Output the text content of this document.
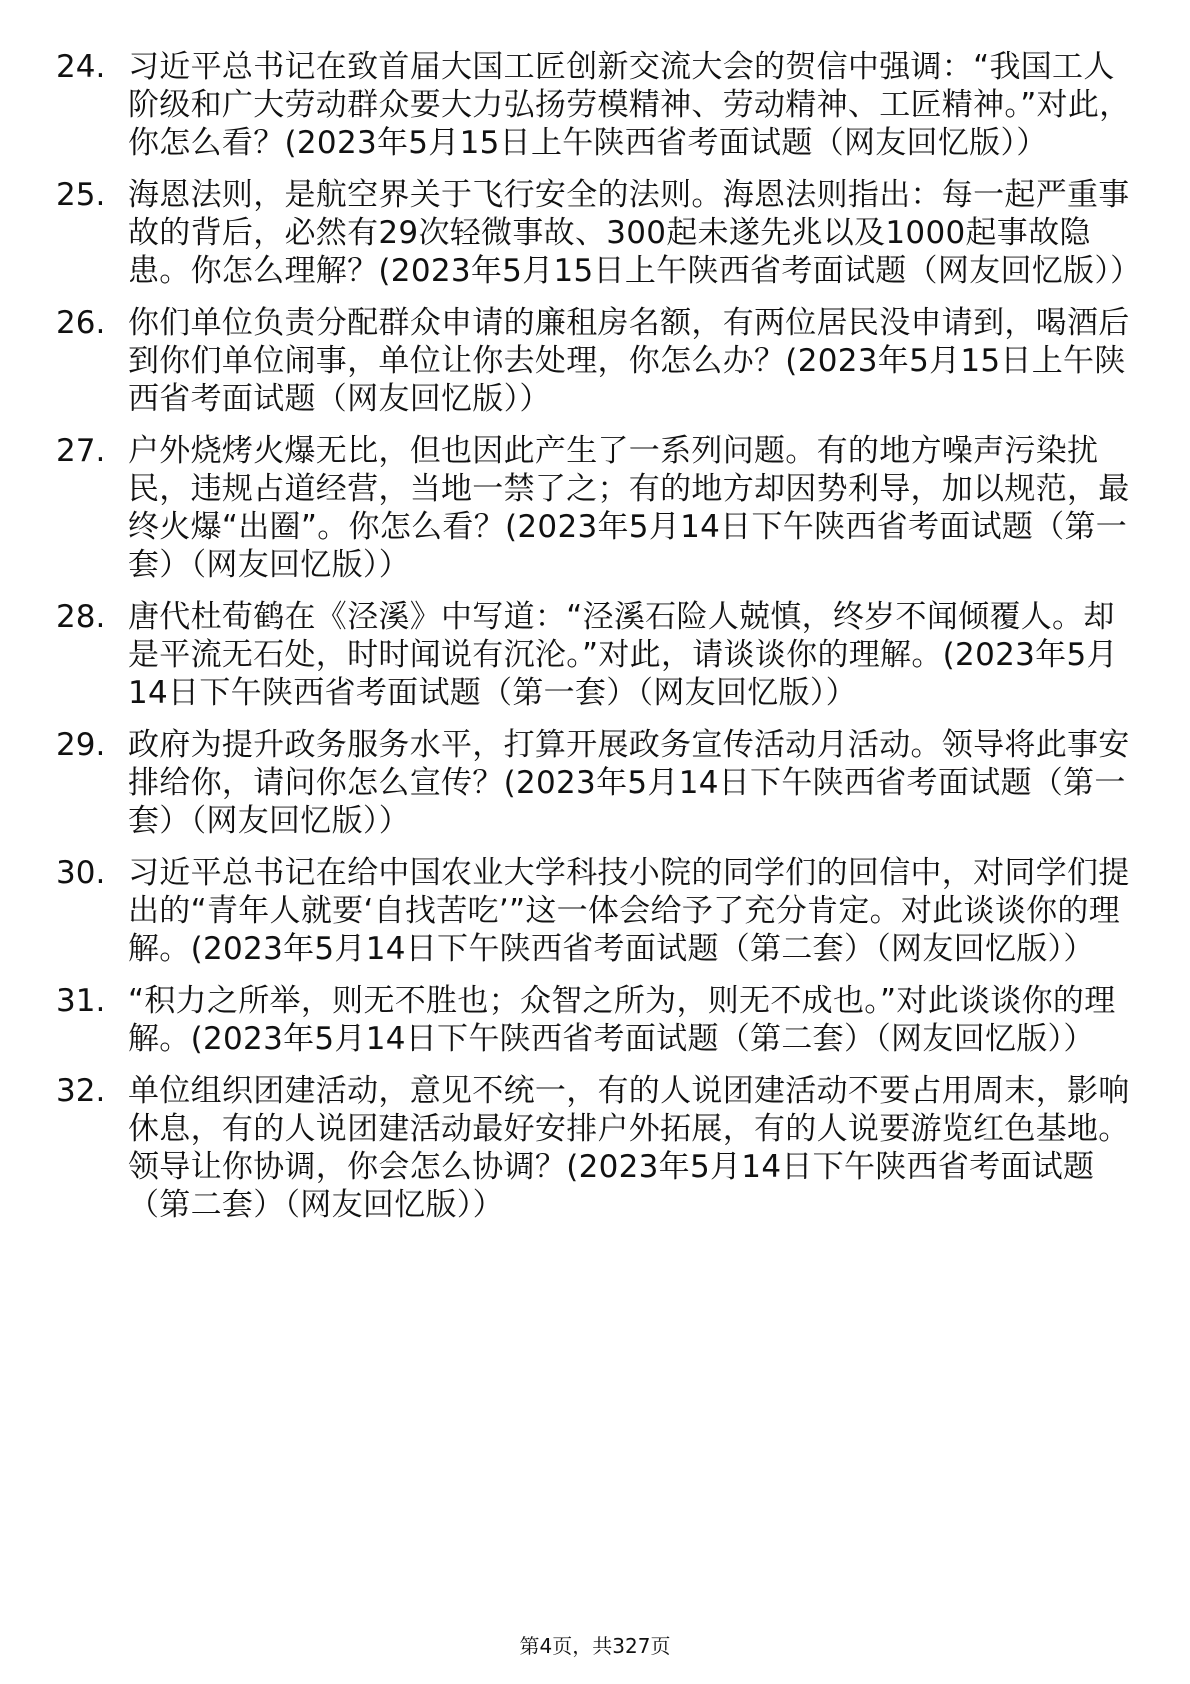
24. 习近平总书记在致首届大国工匠创新交流大会的贺信中强调：“我国工人阶级和广大劳动群众要大力弘扬劳模精神、劳动精神、工匠精神。”对此，你怎么看？(2023年5月15日上午陕西省考面试题（网友回忆版））
25. 海恩法则，是航空界关于飞行安全的法则。海恩法则指出：每一起严重事故的背后，必然有29次轻微事故、300起未遂先兆以及1000起事故隐患。你怎么理解？(2023年5月15日上午陕西省考面试题（网友回忆版））
26. 你们单位负责分配群众申请的廉租房名额，有两位居民没申请到，喝酒后到你们单位闹事，单位让你去处理，你怎么办？(2023年5月15日上午陕西省考面试题（网友回忆版））
27. 户外烧烤火爆无比，但也因此产生了一系列问题。有的地方噪声污染扰民，违规占道经营，当地一禁了之；有的地方却因势利导，加以规范，最终火爆“出圈”。你怎么看？(2023年5月14日下午陕西省考面试题（第一套）（网友回忆版））
28. 唐代杜荀鹤在《泾溪》中写道：“泾溪石险人兢慎，终岁不闻倾覆人。却是平流无石处，时时闻说有沉沦。”对此，请谈谈你的理解。(2023年5月14日下午陕西省考面试题（第一套）（网友回忆版））
29. 政府为提升政务服务水平，打算开展政务宣传活动月活动。领导将此事安排给你，请问你怎么宣传？(2023年5月14日下午陕西省考面试题（第一套）（网友回忆版））
30. 习近平总书记在给中国农业大学科技小院的同学们的回信中，对同学们提出的“青年人就要‘自找苦吃’”这一体会给予了充分肯定。对此谈谈你的理解。(2023年5月14日下午陕西省考面试题（第二套）（网友回忆版））
31. “积力之所举，则无不胜也；众智之所为，则无不成也。”对此谈谈你的理解。(2023年5月14日下午陕西省考面试题（第二套）（网友回忆版））
32. 单位组织团建活动，意见不统一，有的人说团建活动不要占用周末，影响休息，有的人说团建活动最好安排户外拓展，有的人说要游览红色基地。领导让你协调，你会怎么协调？(2023年5月14日下午陕西省考面试题（第二套）（网友回忆版））
第4页，共327页
